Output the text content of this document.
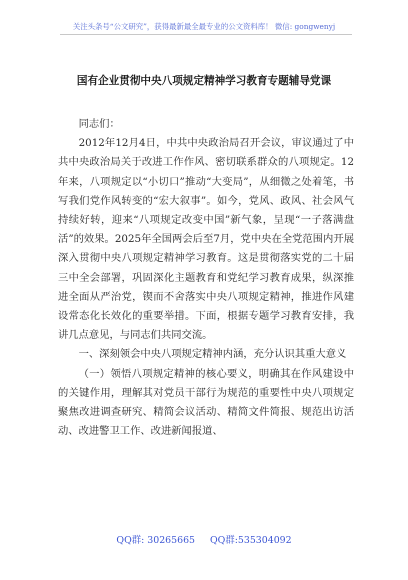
关注头条号“公文研究”，获得最新最全最专业的公文资料库！ 微信: gongwenyj
国有企业贯彻中央八项规定精神学习教育专题辅导党课

同志们：

2012年12月4日，中共中央政治局召开会议，审议通过了中共中央政治局关于改进工作作风、密切联系群众的八项规定。12年来，八项规定以“小切口”推动“大变局”，从细微之处着笔，书写我们党作风转变的“宏大叙事”。如今，党风、政风、社会风气持续好转，迎来“八项规定改变中国”新气象，呈现“一子落满盘活”的效果。2025年全国两会后至7月，党中央在全党范围内开展深入贯彻中央八项规定精神学习教育。这是贯彻落实党的二十届三中全会部署，巩固深化主题教育和党纪学习教育成果，纵深推进全面从严治党，锲而不舍落实中央八项规定精神，推进作风建设常态化长效化的重要举措。下面，根据专题学习教育安排，我讲几点意见，与同志们共同交流。

一、深刻领会中央八项规定精神内涵，充分认识其重大意义

（一）领悟八项规定精神的核心要义，明确其在作风建设中的关键作用，理解其对党员干部行为规范的重要性中央八项规定聚焦改进调查研究、精简会议活动、精简文件简报、规范出访活动、改进警卫工作、改进新闻报道、

QQ群: 30265665 QQ群:535304092
